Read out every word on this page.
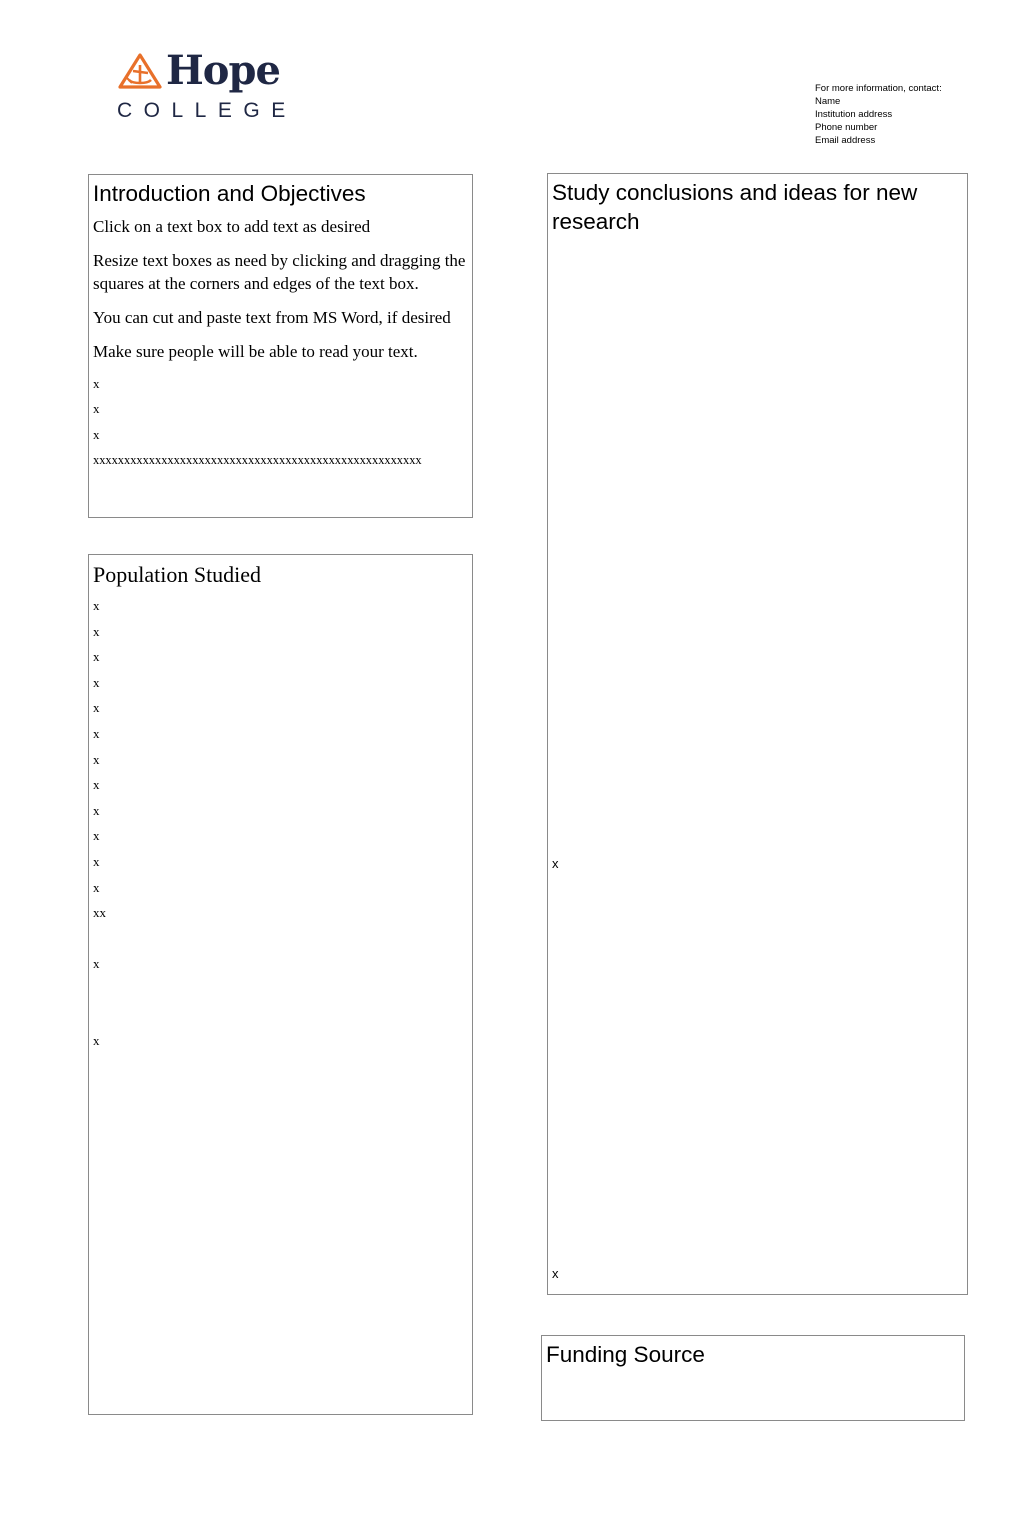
Hope
COLLEGE
For more information, contact:
Name
Institution address
Phone number
Email address
Introduction and Objectives

Click on a text box to add text as desired

Resize text boxes as need by clicking and dragging the squares at the corners and edges of the text box.

You can cut and paste text from MS Word, if desired

Make sure people will be able to read your text.

x

x

x

xxxxxxxxxxxxxxxxxxxxxxxxxxxxxxxxxxxxxxxxxxxxxxxxxxxxx

Population Studied

x

x

x

x

x

x

x

x

x

x

x

x

xx

x

x

Study conclusions and ideas for new research
x
x
Funding Source
